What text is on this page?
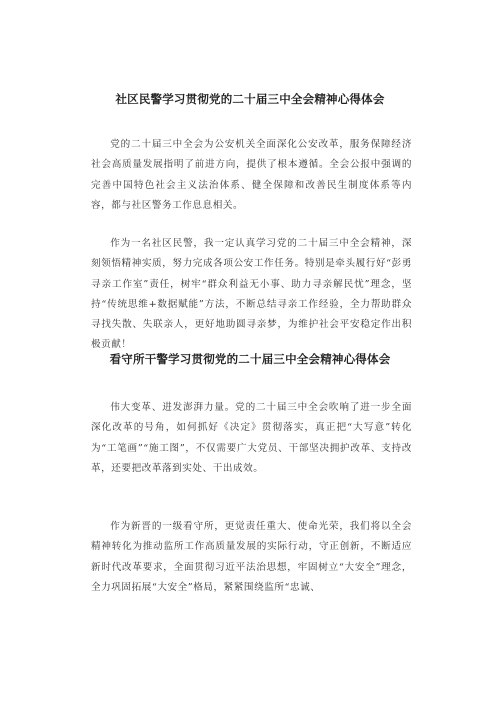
社区民警学习贯彻党的二十届三中全会精神心得体会

党的二十届三中全会为公安机关全面深化公安改革，服务保障经济社会高质量发展指明了前进方向，提供了根本遵循。全会公报中强调的完善中国特色社会主义法治体系、健全保障和改善民生制度体系等内容，都与社区警务工作息息相关。

作为一名社区民警，我一定认真学习党的二十届三中全会精神，深刻领悟精神实质，努力完成各项公安工作任务。特别是牵头履行好“彭勇寻亲工作室”责任，树牢“群众利益无小事、助力寻亲解民忧”理念，坚持“传统思维+数据赋能”方法，不断总结寻亲工作经验，全力帮助群众寻找失散、失联亲人，更好地助圆寻亲梦，为维护社会平安稳定作出积极贡献！

看守所干警学习贯彻党的二十届三中全会精神心得体会

伟大变革、进发澎湃力量。党的二十届三中全会吹响了进一步全面深化改革的号角，如何抓好《决定》贯彻落实，真正把“大写意”转化为“工笔画”“施工图”，不仅需要广大党员、干部坚决拥护改革、支持改革，还要把改革落到实处、干出成效。

作为新晋的一级看守所，更觉责任重大、使命光荣，我们将以全会精神转化为推动监所工作高质量发展的实际行动，守正创新，不断适应新时代改革要求，全面贯彻习近平法治思想，牢固树立“大安全”理念，全力巩固拓展“大安全”格局，紧紧围绕监所“忠诚、
